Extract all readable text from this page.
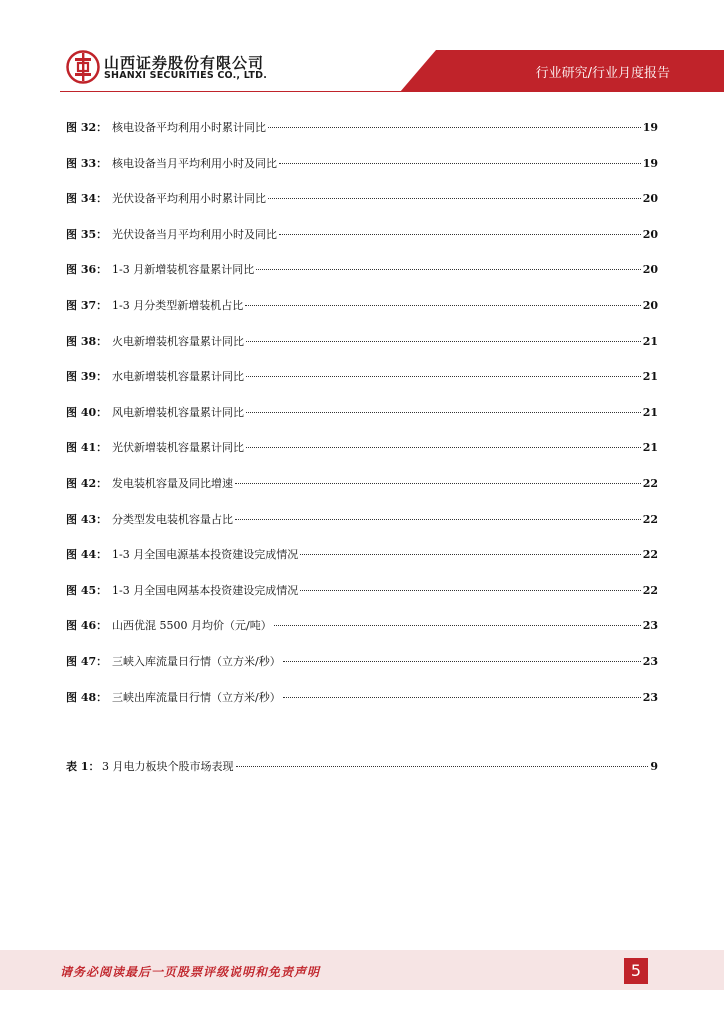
山西证券股份有限公司
SHANXI SECURITIES CO., LTD.	行业研究/行业月度报告
图 32： 核电设备平均利用小时累计同比	19
图 33： 核电设备当月平均利用小时及同比	19
图 34： 光伏设备平均利用小时累计同比	20
图 35： 光伏设备当月平均利用小时及同比	20
图 36： 1-3 月新增装机容量累计同比	20
图 37： 1-3 月分类型新增装机占比	20
图 38： 火电新增装机容量累计同比	21
图 39： 水电新增装机容量累计同比	21
图 40： 风电新增装机容量累计同比	21
图 41： 光伏新增装机容量累计同比	21
图 42： 发电装机容量及同比增速	22
图 43： 分类型发电装机容量占比	22
图 44： 1-3 月全国电源基本投资建设完成情况	22
图 45： 1-3 月全国电网基本投资建设完成情况	22
图 46： 山西优混 5500 月均价（元/吨）	23
图 47： 三峡入库流量日行情（立方米/秒）	23
图 48： 三峡出库流量日行情（立方米/秒）	23
表 1： 3 月电力板块个股市场表现	9
请务必阅读最后一页股票评级说明和免责声明	5
